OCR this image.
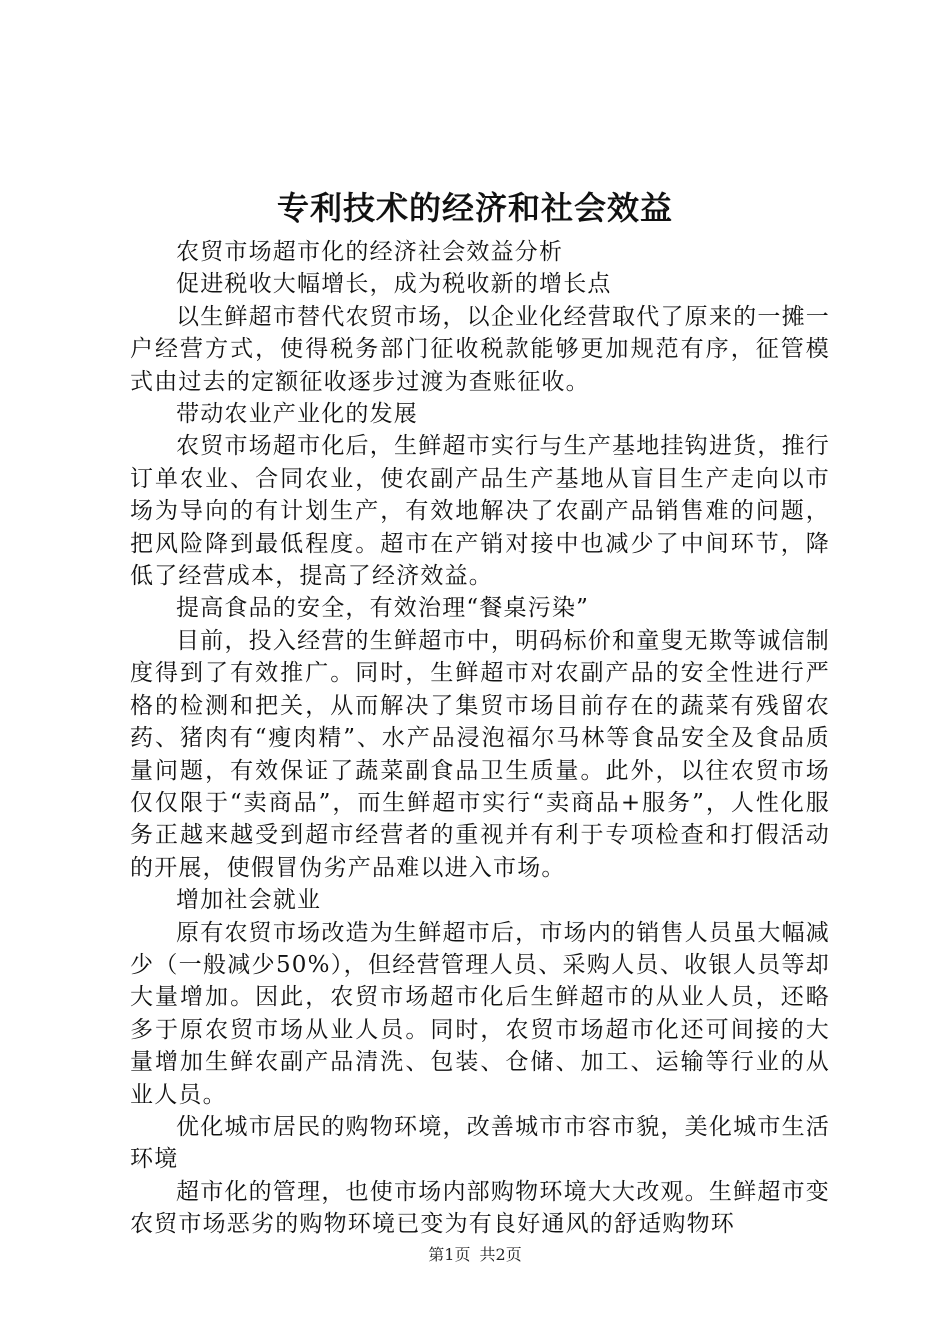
专利技术的经济和社会效益

农贸市场超市化的经济社会效益分析

促进税收大幅增长，成为税收新的增长点

以生鲜超市替代农贸市场，以企业化经营取代了原来的一摊一户经营方式，使得税务部门征收税款能够更加规范有序，征管模式由过去的定额征收逐步过渡为查账征收。

带动农业产业化的发展

农贸市场超市化后，生鲜超市实行与生产基地挂钩进货，推行订单农业、合同农业，使农副产品生产基地从盲目生产走向以市场为导向的有计划生产，有效地解决了农副产品销售难的问题，把风险降到最低程度。超市在产销对接中也减少了中间环节，降低了经营成本，提高了经济效益。

提高食品的安全，有效治理“餐桌污染”

目前，投入经营的生鲜超市中，明码标价和童叟无欺等诚信制度得到了有效推广。同时，生鲜超市对农副产品的安全性进行严格的检测和把关，从而解决了集贸市场目前存在的蔬菜有残留农药、猪肉有“瘦肉精”、水产品浸泡福尔马林等食品安全及食品质量问题，有效保证了蔬菜副食品卫生质量。此外，以往农贸市场仅仅限于“卖商品”，而生鲜超市实行“卖商品+服务”，人性化服务正越来越受到超市经营者的重视并有利于专项检查和打假活动的开展，使假冒伪劣产品难以进入市场。

增加社会就业

原有农贸市场改造为生鲜超市后，市场内的销售人员虽大幅减少（一般减少50%），但经营管理人员、采购人员、收银人员等却大量增加。因此，农贸市场超市化后生鲜超市的从业人员，还略多于原农贸市场从业人员。同时，农贸市场超市化还可间接的大量增加生鲜农副产品清洗、包装、仓储、加工、运输等行业的从业人员。

优化城市居民的购物环境，改善城市市容市貌，美化城市生活环境

超市化的管理，也使市场内部购物环境大大改观。生鲜超市变农贸市场恶劣的购物环境已变为有良好通风的舒适购物环

第1页 共2页
